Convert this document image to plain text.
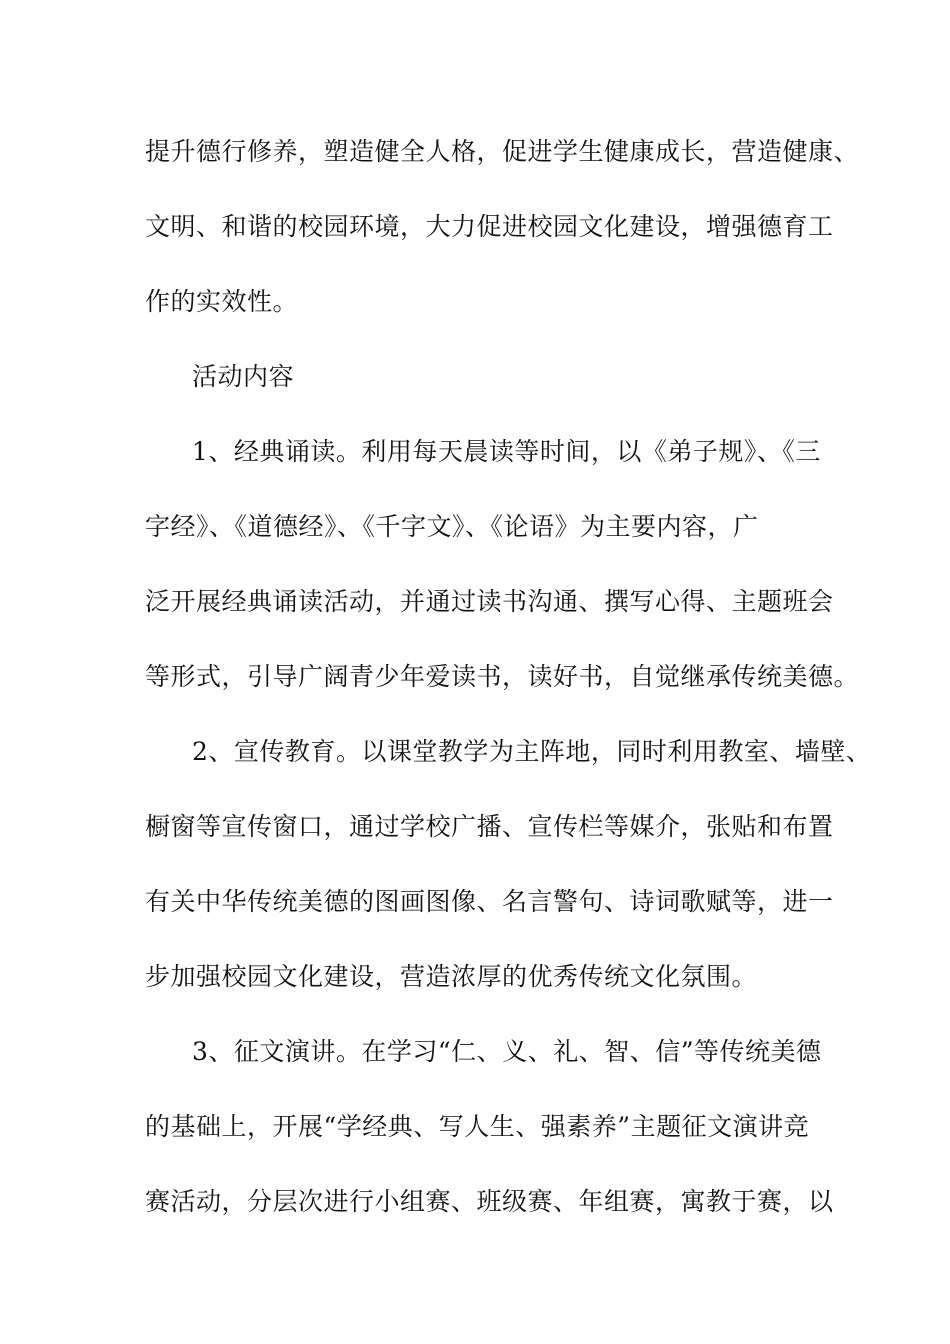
提升德行修养，塑造健全人格，促进学生健康成长，营造健康、
文明、和谐的校园环境，大力促进校园文化建设，增强德育工
作的实效性。
活动内容
1、经典诵读。利用每天晨读等时间，以《弟子规》、《三
字经》、《道德经》、《千字文》、《论语》为主要内容，广
泛开展经典诵读活动，并通过读书沟通、撰写心得、主题班会
等形式，引导广阔青少年爱读书，读好书，自觉继承传统美德。
2、宣传教育。以课堂教学为主阵地，同时利用教室、墙壁、
橱窗等宣传窗口，通过学校广播、宣传栏等媒介，张贴和布置
有关中华传统美德的图画图像、名言警句、诗词歌赋等，进一
步加强校园文化建设，营造浓厚的优秀传统文化氛围。
3、征文演讲。在学习“仁、义、礼、智、信”等传统美德
的基础上，开展“学经典、写人生、强素养”主题征文演讲竞
赛活动，分层次进行小组赛、班级赛、年组赛，寓教于赛，以
